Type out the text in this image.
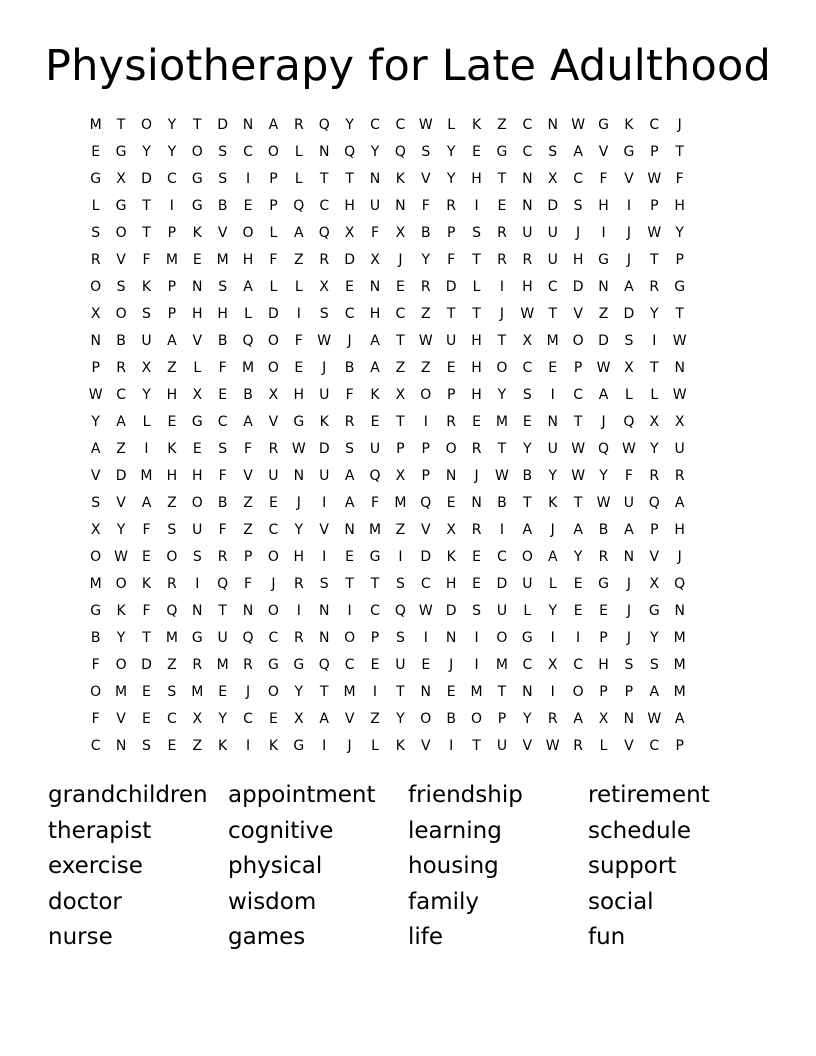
Physiotherapy for Late Adulthood
M	T	O	Y	T	D	N	A	R	Q	Y	C	C W	L	K	Z	C	N W G	K	C	J
E	G	Y	Y	O	S	C	O	L	N	Q	Y	Q	S	Y	E	G	C	S	A	V	G	P	T
G	X	D	C	G	S	I	P	L	T	T	N	K	V	Y	H	T	N	X	C	F	V W	F
L	G	T	I	G	B	E	P	Q	C	H	U	N	F	R	I	E	N	D	S	H	I	P	H
S	O	T	P	K	V	O	L	A	Q	X	F	X	B	P	S	R	U	U	J	I	J	W	Y
R	V	F	M	E	M	H	F	Z	R	D	X	J	Y	F	T	R	R	U	H	G	J	T	P
O	S	K	P	N	S	A	L	L	X	E	N	E	R	D	L	I	H	C	D	N	A	R	G
X	O	S	P	H	H	L	D	I	S	C	H	C	Z	T	T	J	W	T	V	Z	D	Y	T
N	B	U	A	V	B	Q	O	F	W	J	A	T	W U	H	T	X	M O	D	S	I	W
P	R	X	Z	L	F	M O	E	J	B	A	Z	Z	E	H	O	C	E	P	W X	T	N
W C	Y	H	X	E	B	X	H	U	F	K	X	O	P	H	Y	S	I	C	A	L	L	W
Y	A	L	E	G	C	A	V	G	K	R	E	T	I	R	E	M	E	N	T	J	Q	X	X
A	Z	I	K	E	S	F	R W D	S	U	P	P	O	R	T	Y	U W Q W	Y	U
V	D M	H	H	F	V	U	N	U	A	Q	X	P	N	J	W B	Y	W	Y	F	R	R
S	V	A	Z	O	B	Z	E	J	I	A	F	M Q	E	N	B	T	K	T	W U	Q	A
X	Y	F	S	U	F	Z	C	Y	V	N	M	Z	V	X	R	I	A	J	A	B	A	P	H
O W	E	O	S	R	P	O	H	I	E	G	I	D	K	E	C	O	A	Y	R	N	V	J
M O	K	R	I	Q	F	J	R	S	T	T	S	C	H	E	D	U	L	E	G	J	X	Q
G	K	F	Q	N	T	N	O	I	N	I	C	Q W D	S	U	L	Y	E	E	J	G	N
B	Y	T	M G	U	Q	C	R	N	O	P	S	I	N	I	O	G	I	I	P	J	Y	M
F	O	D	Z	R	M	R	G	G	Q	C	E	U	E	J	I	M	C	X	C	H	S	S	M
O M	E	S	M	E	J	O	Y	T	M	I	T	N	E	M	T	N	I	O	P	P	A	M
F	V	E	C	X	Y	C	E	X	A	V	Z	Y	O	B	O	P	Y	R	A	X	N W A
C	N	S	E	Z	K	I	K	G	I	J	L	K	V	I	T	U	V W R	L	V	C	P
grandchildren appointment	friendship	retirement
therapist	cognitive	learning	schedule
exercise	physical	housing	support
doctor	wisdom	family	social
nurse	games	life	fun
